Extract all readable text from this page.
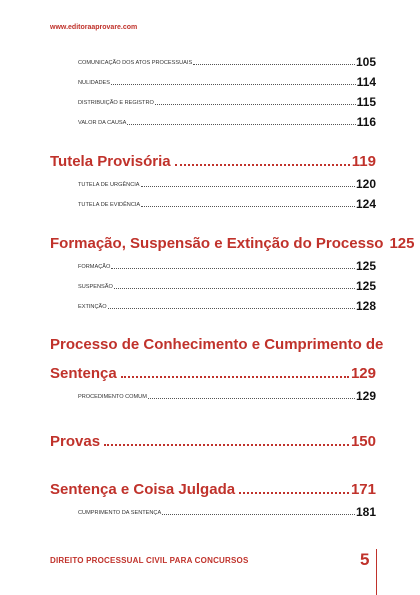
www.editoraaprovare.com
COMUNICAÇÃO DOS ATOS PROCESSUAIS	105
NULIDADES	114
DISTRIBUIÇÃO E REGISTRO	115
VALOR DA CAUSA	116
Tutela Provisória	119
TUTELA DE URGÊNCIA	120
TUTELA DE EVIDÊNCIA	124
Formação, Suspensão e Extinção do Processo 125
FORMAÇÃO	125
SUSPENSÃO	125
EXTINÇÃO	128
Processo de Conhecimento e Cumprimento de
Sentença	129
PROCEDIMENTO COMUM	129
Provas	150
Sentença e Coisa Julgada	171
CUMPRIMENTO DA SENTENÇA	181
DIREITO PROCESSUAL CIVIL PARA CONCURSOS	5
